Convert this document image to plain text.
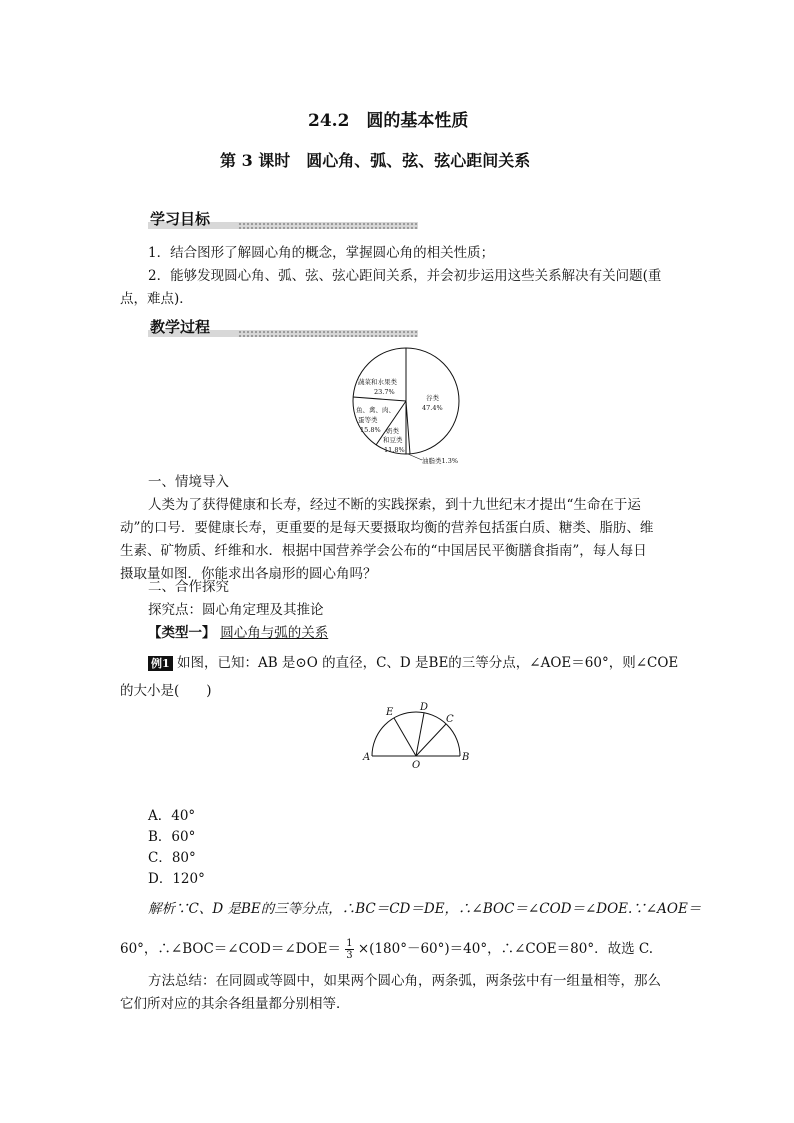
24.2　圆的基本性质
第 3 课时　圆心角、弧、弦、弦心距间关系
学习目标
1．结合图形了解圆心角的概念，掌握圆心角的相关性质；
2．能够发现圆心角、弧、弦、弦心距间关系，并会初步运用这些关系解决有关问题(重
点，难点)．
教学过程
蔬菜和水果类
23.7%
谷类
47.4%
鱼、禽、肉、
蛋等类
15.8% 奶类
和豆类
11.8%
油脂类1.3%
一、情境导入
人类为了获得健康和长寿，经过不断的实践探索，到十九世纪末才提出“生命在于运
动”的口号．要健康长寿，更重要的是每天要摄取均衡的营养包括蛋白质、糖类、脂肪、维
生素、矿物质、纤维和水．根据中国营养学会公布的“中国居民平衡膳食指南”，每人每日
摄取量如图．你能求出各扇形的圆心角吗？
二、合作探究
探究点：圆心角定理及其推论
【类型一】 圆心角与弧的关系
例1 如图，已知：AB 是⊙O 的直径，C、D 是BE的三等分点，∠AOE＝60°，则∠COE
的大小是(　　)
A	B
O
E	D
C
A．40°
B．60°
C．80°
D．120°
解析∵C、D 是BE的三等分点，∴BC＝CD＝DE，∴∠BOC＝∠COD＝∠DOE.∵∠AOE＝
60°，∴∠BOC＝∠COD＝∠DOE＝ $\frac{1}{3} \times(180^\circ-60^\circ)=40^\circ$，∴∠COE＝80°．故选 C.
方法总结：在同圆或等圆中，如果两个圆心角，两条弧，两条弦中有一组量相等，那么
它们所对应的其余各组量都分别相等．
